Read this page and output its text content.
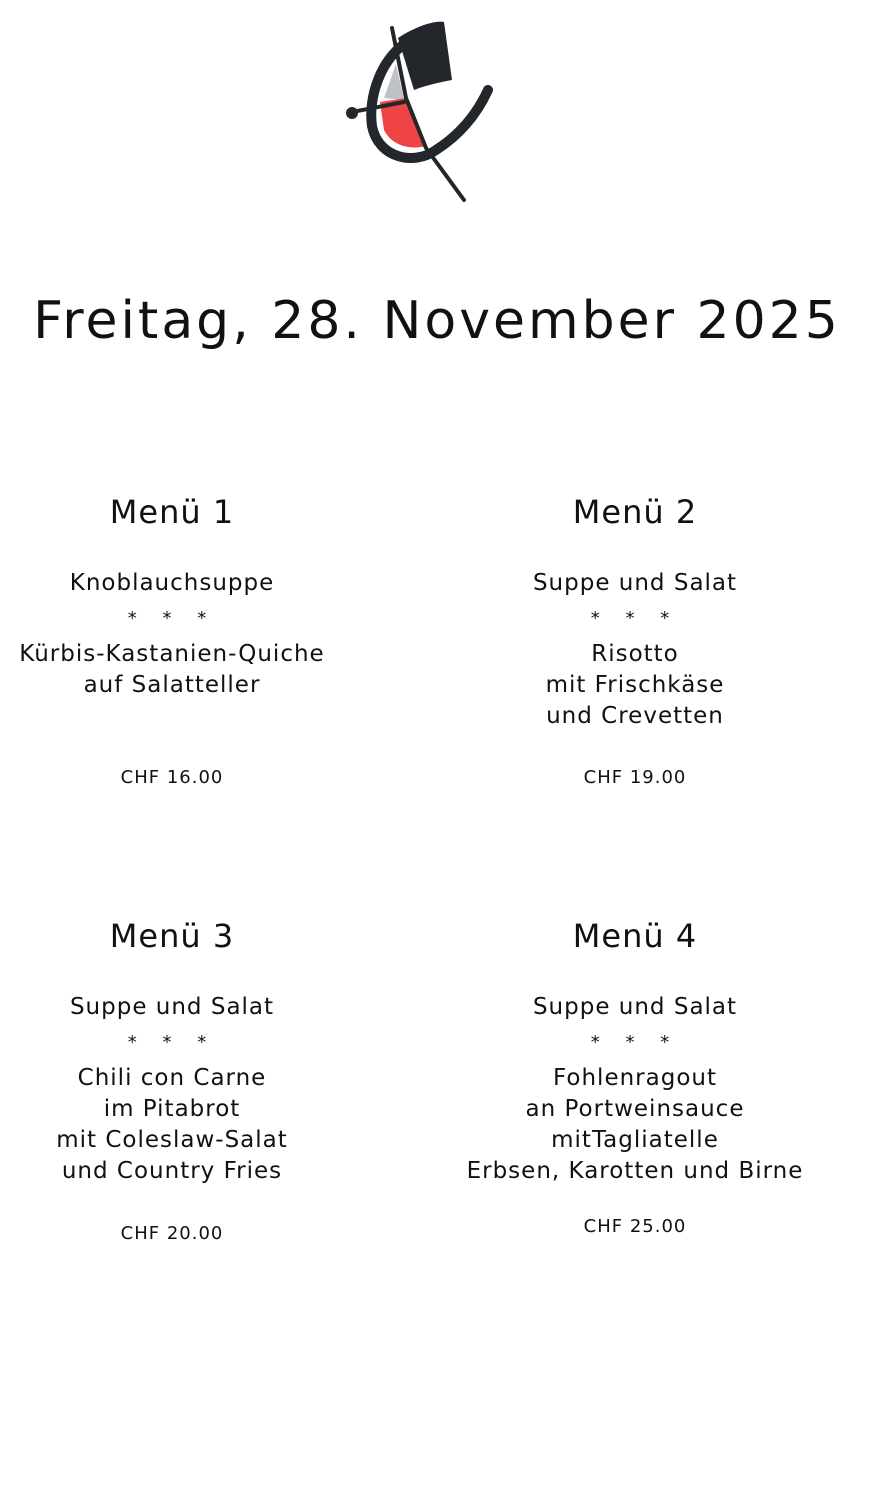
Freitag, 28. November 2025
Menü 1
Knoblauchsuppe
* * *
Kürbis-Kastanien-Quiche
auf Salatteller
CHF 16.00
Menü 2
Suppe und Salat
* * *
Risotto
mit Frischkäse
und Crevetten
CHF 19.00
Menü 3
Suppe und Salat
* * *
Chili con Carne
im Pitabrot
mit Coleslaw-Salat
und Country Fries
CHF 20.00
Menü 4
Suppe und Salat
* * *
Fohlenragout
an Portweinsauce
mitTagliatelle
Erbsen, Karotten und Birne
CHF 25.00
